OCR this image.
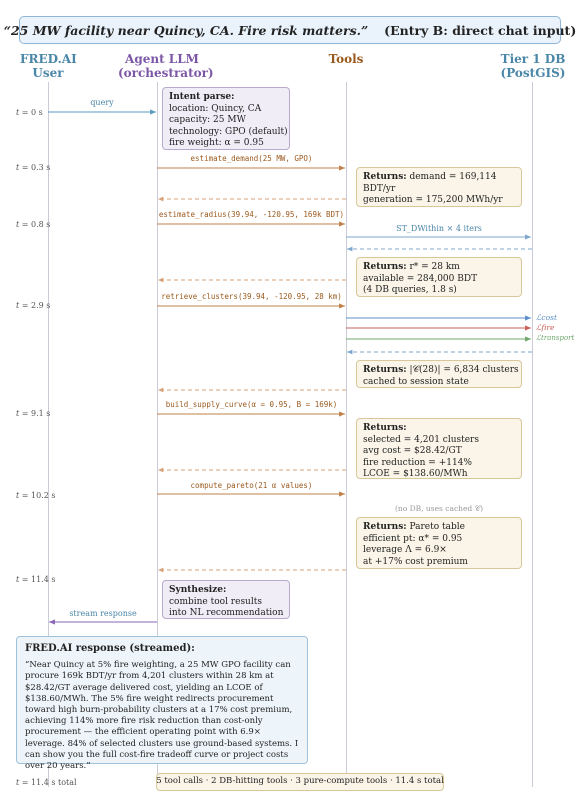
“25 MW facility near Quincy, CA. Fire risk matters.” (Entry B: direct chat input)
FRED.AI
User
Agent LLM
(orchestrator)
Tools	Tier 1 DB
(PostGIS)
t = 0 s
t = 0.3 s
t = 0.8 s
t = 2.9 s
t = 9.1 s
t = 10.2 s
t = 11.4 s
t = 11.4 s total
query
estimate_demand(25 MW, GPO)
estimate_radius(39.94, -120.95, 169k BDT)
ST_DWithin × 4 iters
retrieve_clusters(39.94, -120.95, 28 km)
ℒcost
ℒfire
ℒtransport
build_supply_curve(α = 0.95, B = 169k)
compute_pareto(21 α values)
(no DB, uses cached 𝒞)
stream response
Intent parse:
location: Quincy, CA
capacity: 25 MW
technology: GPO (default)
fire weight: α = 0.95
Returns: demand = 169,114
BDT/yr
generation = 175,200 MWh/yr
Returns: r* = 28 km
available = 284,000 BDT
(4 DB queries, 1.8 s)
Returns: |𝒞(28)| = 6,834 clusters
cached to session state
Returns:
selected = 4,201 clusters
avg cost = $28.42/GT
fire reduction = +114%
LCOE = $138.60/MWh
Returns: Pareto table
efficient pt: α* = 0.95
leverage Λ = 6.9×
at +17% cost premium
Synthesize:
combine tool results
into NL recommendation
FRED.AI response (streamed):
“Near Quincy at 5% fire weighting, a 25 MW GPO facility can procure 169k BDT/yr from 4,201 clusters within 28 km at $28.42/GT average delivered cost, yielding an LCOE of $138.60/MWh. The 5% fire weight redirects procurement toward high burn-probability clusters at a 17% cost premium, achieving 114% more fire risk reduction than cost-only procurement — the efficient operating point with 6.9× leverage. 84% of selected clusters use ground-based systems. I can show you the full cost-fire tradeoff curve or project costs over 20 years.”
5 tool calls · 2 DB-hitting tools · 3 pure-compute tools · 11.4 s total
